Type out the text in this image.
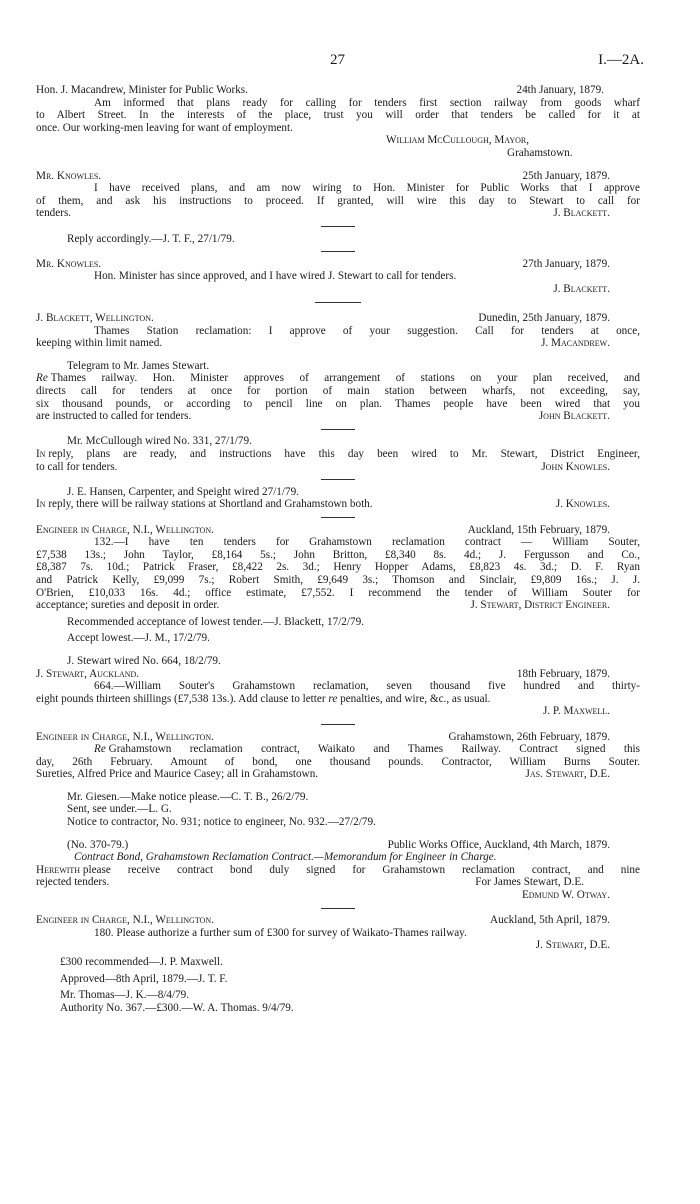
27	I.—2A.
Hon. J. Macandrew, Minister for Public Works.	24th January, 1879.
Am informed that plans ready for calling for tenders first section railway from goods wharf
to Albert Street. In the interests of the place, trust you will order that tenders be called for it at
once. Our working-men leaving for want of employment.
William McCullough, Mayor,
Grahamstown.
Mr. Knowles.	25th January, 1879.
I have received plans, and am now wiring to Hon. Minister for Public Works that I approve
of them, and ask his instructions to proceed. If granted, will wire this day to Stewart to call for
tenders.	J. Blackett.
Reply accordingly.—J. T. F., 27/1/79.
Mr. Knowles.	27th January, 1879.
Hon. Minister has since approved, and I have wired J. Stewart to call for tenders.
J. Blackett.
J. Blackett, Wellington.	Dunedin, 25th January, 1879.
Thames Station reclamation: I approve of your suggestion. Call for tenders at once,
keeping within limit named.	J. Macandrew.
Telegram to Mr. James Stewart.
Re
Thames railway. Hon. Minister approves of arrangement of stations on your plan received, and
directs call for tenders at once for portion of main station between wharfs, not exceeding, say,
six thousand pounds, or according to pencil line on plan. Thames people have been wired that you
are instructed to called for tenders.	John Blackett.
Mr. McCullough wired No. 331, 27/1/79.
In
reply, plans are ready, and instructions have this day been wired to Mr. Stewart, District Engineer,
to call for tenders.	John Knowles.
J. E. Hansen, Carpenter, and Speight wired 27/1/79.
In reply, there will be railway stations at Shortland and Grahamstown both.	J. Knowles.
Engineer in Charge, N.I., Wellington.	Auckland, 15th February, 1879.
132.—I have ten tenders for Grahamstown reclamation contract — William Souter,
£7,538 13s.; John Taylor, £8,164 5s.; John Britton, £8,340 8s. 4d.; J. Fergusson and Co.,
£8,387 7s. 10d.; Patrick Fraser, £8,422 2s. 3d.; Henry Hopper Adams, £8,823 4s. 3d.; D. F. Ryan
and Patrick Kelly, £9,099 7s.; Robert Smith, £9,649 3s.; Thomson and Sinclair, £9,809 16s.; J. J.
O'Brien, £10,033 16s. 4d.; office estimate, £7,552. I recommend the tender of William Souter for
acceptance; sureties and deposit in order.	J. Stewart, District Engineer.
Recommended acceptance of lowest tender.—J. Blackett, 17/2/79.
Accept lowest.—J. M., 17/2/79.
J. Stewart wired No. 664, 18/2/79.
J. Stewart, Auckland.	18th February, 1879.
664.—William Souter's Grahamstown reclamation, seven thousand five hundred and thirty-
eight pounds thirteen shillings (£7,538 13s.). Add clause to letter re penalties, and wire, &c., as usual.
J. P. Maxwell.
Engineer in Charge, N.I., Wellington.	Grahamstown, 26th February, 1879.
Re
Grahamstown reclamation contract, Waikato and Thames Railway. Contract signed this
day, 26th February. Amount of bond, one thousand pounds. Contractor, William Burns Souter.
Sureties, Alfred Price and Maurice Casey; all in Grahamstown.	Jas. Stewart, D.E.
Mr. Giesen.—Make notice please.—C. T. B., 26/2/79.
Sent, see under.—L. G.
Notice to contractor, No. 931; notice to engineer, No. 932.—27/2/79.
(No. 370-79.)	Public Works Office, Auckland, 4th March, 1879.
Contract Bond, Grahamstown Reclamation Contract.—Memorandum for Engineer in Charge.
Herewith
please receive contract bond duly signed for Grahamstown reclamation contract, and nine
rejected tenders.	For James Stewart, D.E.
Edmund W. Otway.
Engineer in Charge, N.I., Wellington.	Auckland, 5th April, 1879.
180. Please authorize a further sum of £300 for survey of Waikato-Thames railway.
J. Stewart, D.E.
£300 recommended—J. P. Maxwell.
Approved—8th April, 1879.—J. T. F.
Mr. Thomas—J. K.—8/4/79.
Authority No. 367.—£300.—W. A. Thomas. 9/4/79.
